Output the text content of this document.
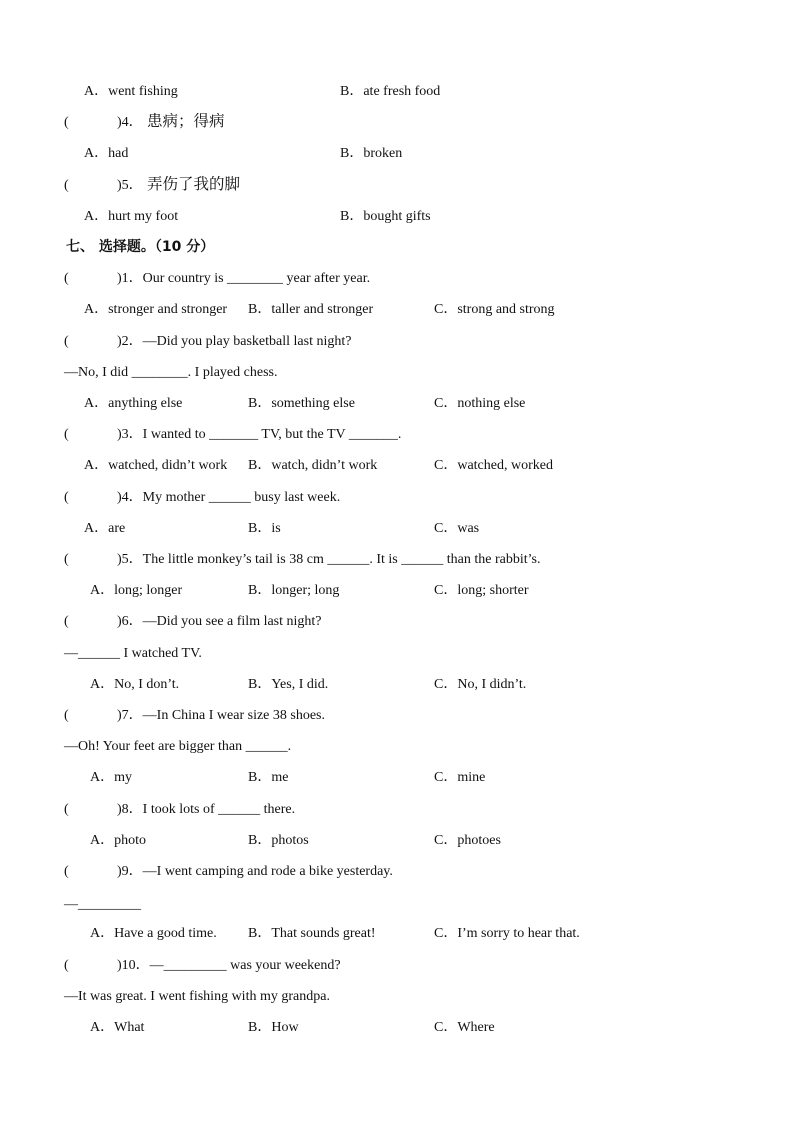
A．went fishing	B．ate fresh food
(	)4． 患病；得病
A．had	B．broken
(	)5． 弄伤了我的脚
A．hurt my foot	B．bought gifts
七、 选择题。（10 分）
(	)1．Our country is ________ year after year.
A．stronger and stronger B．taller and stronger	C．strong and strong
(	)2．—Did you play basketball last night?
—No, I did ________. I played chess.
A．anything else	B．something else	C．nothing else
(	)3．I wanted to _______ TV, but the TV _______.
A．watched, didn’t work B．watch, didn’t work	C．watched, worked
(	)4．My mother ______ busy last week.
A．are	B．is	C．was
(	)5．The little monkey’s tail is 38 cm ______. It is ______ than the rabbit’s.
A．long; longer	B．longer; long	C．long; shorter
(	)6．—Did you see a film last night?
—______ I watched TV.
A．No, I don’t.	B．Yes, I did.	C．No, I didn’t.
(	)7．—In China I wear size 38 shoes.
—Oh! Your feet are bigger than ______.
A．my	B．me	C．mine
(	)8．I took lots of ______ there.
A．photo	B．photos	C．photoes
(	)9．—I went camping and rode a bike yesterday.
—_________
A．Have a good time. B．That sounds great!	C．I’m sorry to hear that.
(	)10．—_________ was your weekend?
—It was great. I went fishing with my grandpa.
A．What	B．How	C．Where
